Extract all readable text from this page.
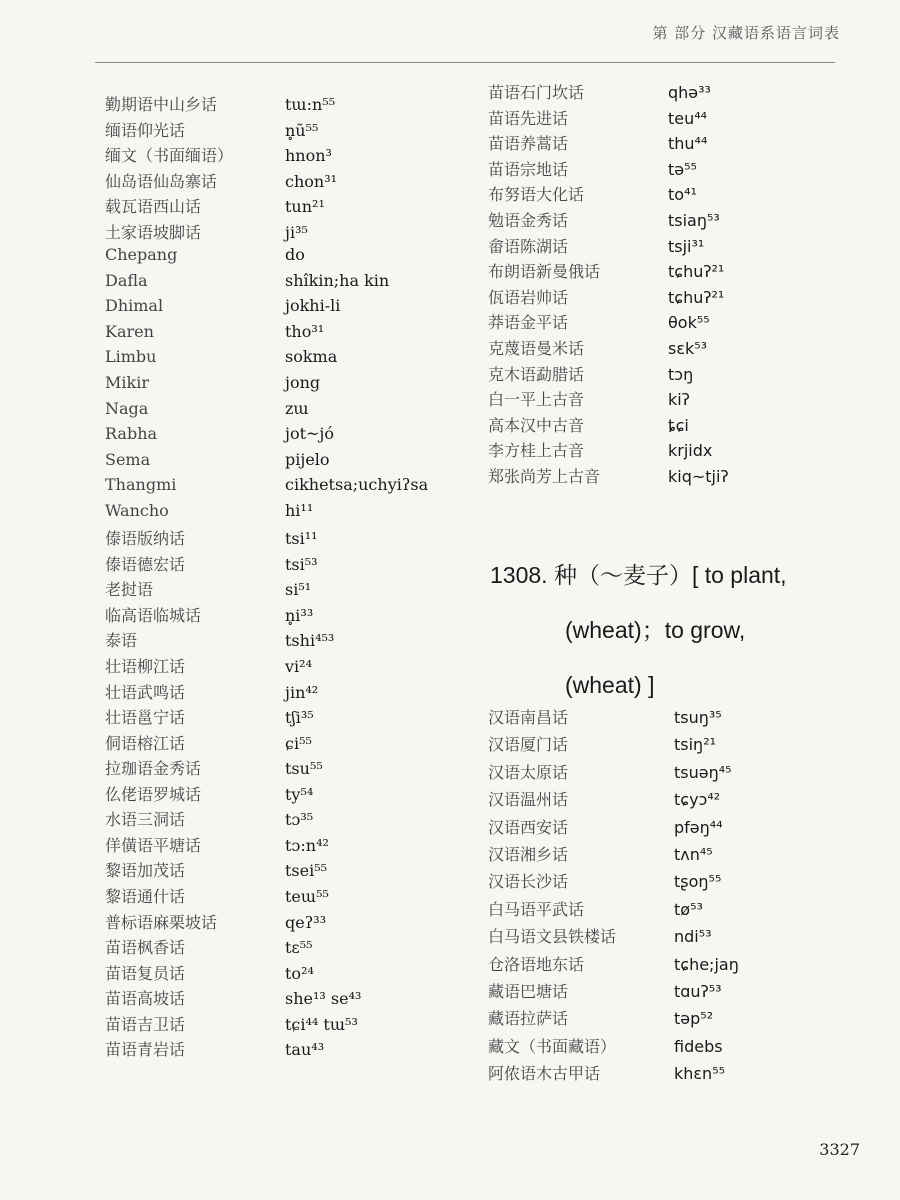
第 部分 汉藏语系语言词表
勤期语中山乡话	tɯ:n⁵⁵
缅语仰光话	n̥ũ⁵⁵
缅文（书面缅语）	hnon³
仙岛语仙岛寨话	chon³¹
载瓦语西山话	tun²¹
土家语坡脚话	ji³⁵
Chepang	do
Dafla	shîkin;ha kin
Dhimal	jokhi-li
Karen	tho³¹
Limbu	sokma
Mikir	jong
Naga	zɯ
Rabha	jot~jó
Sema	pijelo
Thangmi	cikhetsa;uchyiʔsa
Wancho	hi¹¹
傣语版纳话	tsi¹¹
傣语德宏话	tsi⁵³
老挝语	si⁵¹
临高语临城话	n̥i³³
泰语	tshi⁴⁵³
壮语柳江话	vi²⁴
壮语武鸣话	jin⁴²
壮语邕宁话	tʃi³⁵
侗语榕江话	ɕi⁵⁵
拉珈语金秀话	tsu⁵⁵
仫佬语罗城话	ty⁵⁴
水语三洞话	tɔ³⁵
佯僙语平塘话	tɔ:n⁴²
黎语加茂话	tsei⁵⁵
黎语通什话	teɯ⁵⁵
普标语麻栗坡话	qeʔ³³
苗语枫香话	tɛ⁵⁵
苗语复员话	to²⁴
苗语高坡话	she¹³ se⁴³
苗语吉卫话	tɕi⁴⁴ tɯ⁵³
苗语青岩话	tau⁴³
苗语石门坎话	qhə³³
苗语先进话	teu⁴⁴
苗语养蒿话	thu⁴⁴
苗语宗地话	tə⁵⁵
布努语大化话	to⁴¹
勉语金秀话	tsiaŋ⁵³
畲语陈湖话	tsji³¹
布朗语新曼俄话	tɕhuʔ²¹
佤语岩帅话	tɕhuʔ²¹
莽语金平话	θok⁵⁵
克蔑语曼米话	sɛk⁵³
克木语勐腊话	tɔŋ
白一平上古音	kiʔ
高本汉中古音	ȶɕi
李方桂上古音	krjidx
郑张尚芳上古音	kiq~tjiʔ
1308. 种（～麦子）[ to plant,
(wheat)；to grow,
(wheat) ]
汉语南昌话	tsuŋ³⁵
汉语厦门话	tsiŋ²¹
汉语太原话	tsuəŋ⁴⁵
汉语温州话	tɕyɔ⁴²
汉语西安话	pfəŋ⁴⁴
汉语湘乡话	tʌn⁴⁵
汉语长沙话	tʂoŋ⁵⁵
白马语平武话	tø⁵³
白马语文县铁楼话	ndi⁵³
仓洛语地东话	tɕhe;jaŋ
藏语巴塘话	tɑuʔ⁵³
藏语拉萨话	təp⁵²
藏文（书面藏语）	fidebs
阿侬语木古甲话	khɛn⁵⁵
3327
